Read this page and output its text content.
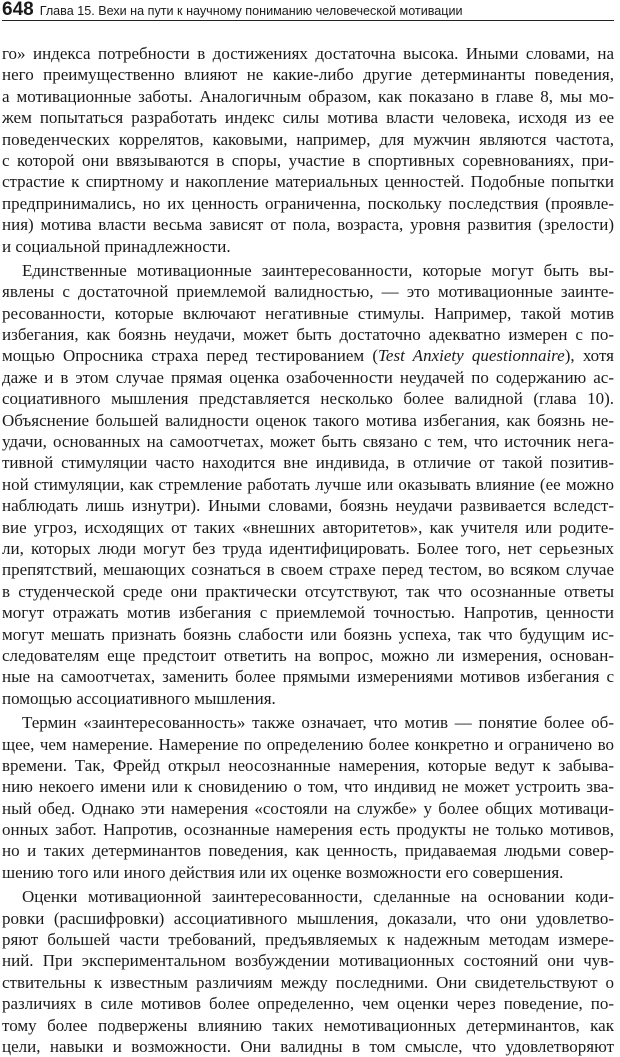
648 Глава 15. Вехи на пути к научному пониманию человеческой мотивации
го» индекса потребности в достижениях достаточна высока. Иными словами, на
него преимущественно влияют не какие-либо другие детерминанты поведения,
а мотивационные заботы. Аналогичным образом, как показано в главе 8, мы мо-
жем попытаться разработать индекс силы мотива власти человека, исходя из ее
поведенческих коррелятов, каковыми, например, для мужчин являются частота,
с которой они ввязываются в споры, участие в спортивных соревнованиях, при-
страстие к спиртному и накопление материальных ценностей. Подобные попытки
предпринимались, но их ценность ограниченна, поскольку последствия (проявле-
ния) мотива власти весьма зависят от пола, возраста, уровня развития (зрелости)
и социальной принадлежности.
Единственные мотивационные заинтересованности, которые могут быть вы-
явлены с достаточной приемлемой валидностью, — это мотивационные заинте-
ресованности, которые включают негативные стимулы. Например, такой мотив
избегания, как боязнь неудачи, может быть достаточно адекватно измерен с по-
мощью Опросника страха перед тестированием (Test Anxiety questionnaire), хотя
даже и в этом случае прямая оценка озабоченности неудачей по содержанию ас-
социативного мышления представляется несколько более валидной (глава 10).
Объяснение большей валидности оценок такого мотива избегания, как боязнь не-
удачи, основанных на самоотчетах, может быть связано с тем, что источник нега-
тивной стимуляции часто находится вне индивида, в отличие от такой позитив-
ной стимуляции, как стремление работать лучше или оказывать влияние (ее можно
наблюдать лишь изнутри). Иными словами, боязнь неудачи развивается вследст-
вие угроз, исходящих от таких «внешних авторитетов», как учителя или родите-
ли, которых люди могут без труда идентифицировать. Более того, нет серьезных
препятствий, мешающих сознаться в своем страхе перед тестом, во всяком случае
в студенческой среде они практически отсутствуют, так что осознанные ответы
могут отражать мотив избегания с приемлемой точностью. Напротив, ценности
могут мешать признать боязнь слабости или боязнь успеха, так что будущим ис-
следователям еще предстоит ответить на вопрос, можно ли измерения, основан-
ные на самоотчетах, заменить более прямыми измерениями мотивов избегания с
помощью ассоциативного мышления.
Термин «заинтересованность» также означает, что мотив — понятие более об-
щее, чем намерение. Намерение по определению более конкретно и ограничено во
времени. Так, Фрейд открыл неосознанные намерения, которые ведут к забыва-
нию некоего имени или к сновидению о том, что индивид не может устроить зва-
ный обед. Однако эти намерения «состояли на службе» у более общих мотиваци-
онных забот. Напротив, осознанные намерения есть продукты не только мотивов,
но и таких детерминантов поведения, как ценность, придаваемая людьми совер-
шению того или иного действия или их оценке возможности его совершения.
Оценки мотивационной заинтересованности, сделанные на основании коди-
ровки (расшифровки) ассоциативного мышления, доказали, что они удовлетво-
ряют большей части требований, предъявляемых к надежным методам измере-
ний. При экспериментальном возбуждении мотивационных состояний они чув-
ствительны к известным различиям между последними. Они свидетельствуют о
различиях в силе мотивов более определенно, чем оценки через поведение, по-
тому более подвержены влиянию таких немотивационных детерминантов, как
цели, навыки и возможности. Они валидны в том смысле, что удовлетворяют
